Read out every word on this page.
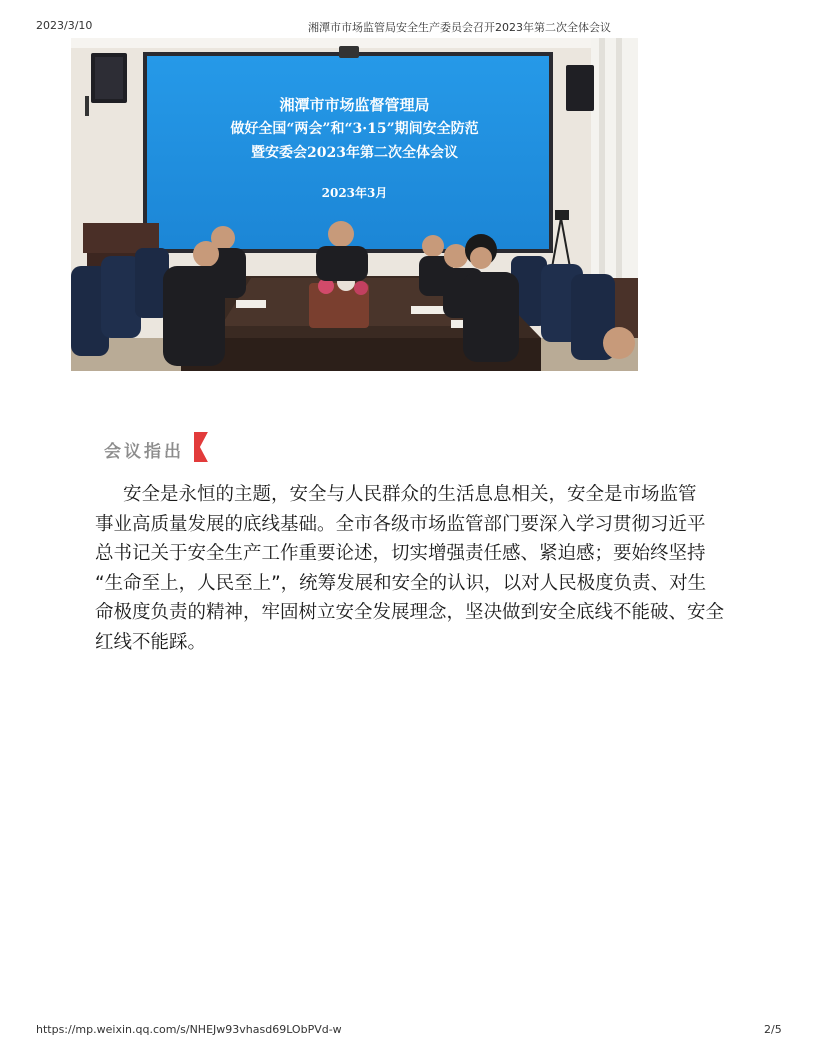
2023/3/10	湘潭市市场监管局安全生产委员会召开2023年第二次全体会议
湘潭市市场监督管理局
做好全国“两会”和“3·15”期间安全防范
暨安委会2023年第二次全体会议
2023年3月
会议指出
安全是永恒的主题，安全与人民群众的生活息息相关，安全是市场监管
事业高质量发展的底线基础。全市各级市场监管部门要深入学习贯彻习近平
总书记关于安全生产工作重要论述，切实增强责任感、紧迫感；要始终坚持
“生命至上，人民至上”，统筹发展和安全的认识，以对人民极度负责、对生
命极度负责的精神，牢固树立安全发展理念，坚决做到安全底线不能破、安全
红线不能踩。
https://mp.weixin.qq.com/s/NHEJw93vhasd69LObPVd-w	2/5
